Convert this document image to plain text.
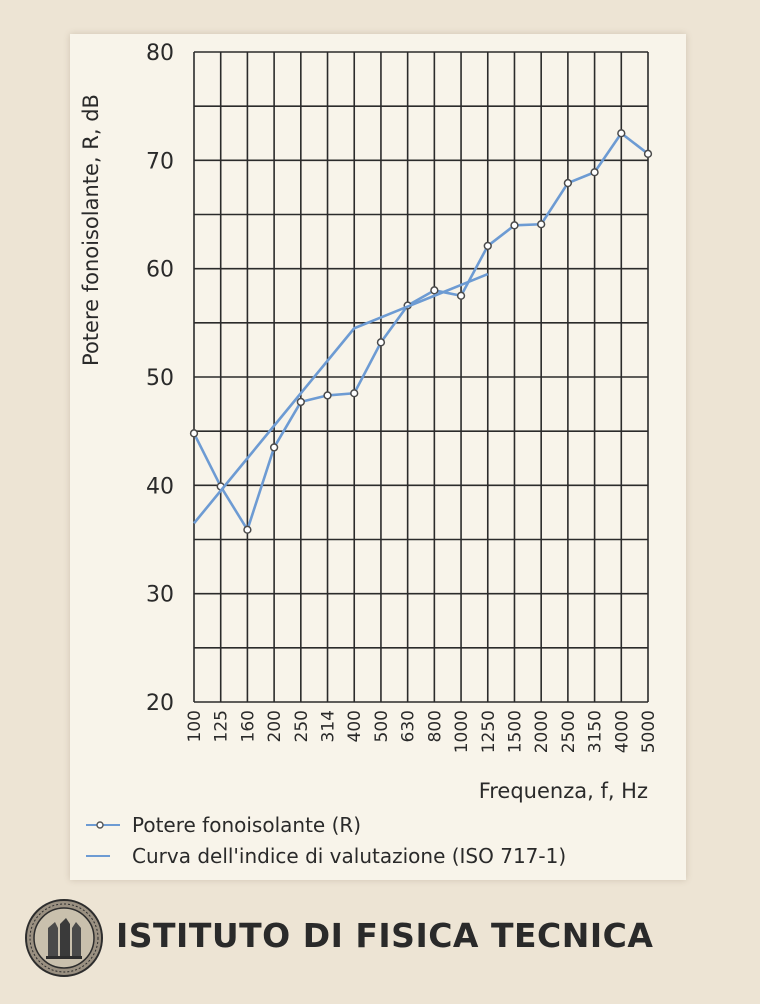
20
30
40
50
60
70
80
100 125 160 200 250 314 400 500 630 800 1000 1250 1500 2000 2500 3150 4000 5000
Potere fonoisolante, R, dB
Frequenza, f, Hz
Potere fonoisolante (R)
Curva dell'indice di valutazione (ISO 717-1)
ISTITUTO DI FISICA TECNICA
